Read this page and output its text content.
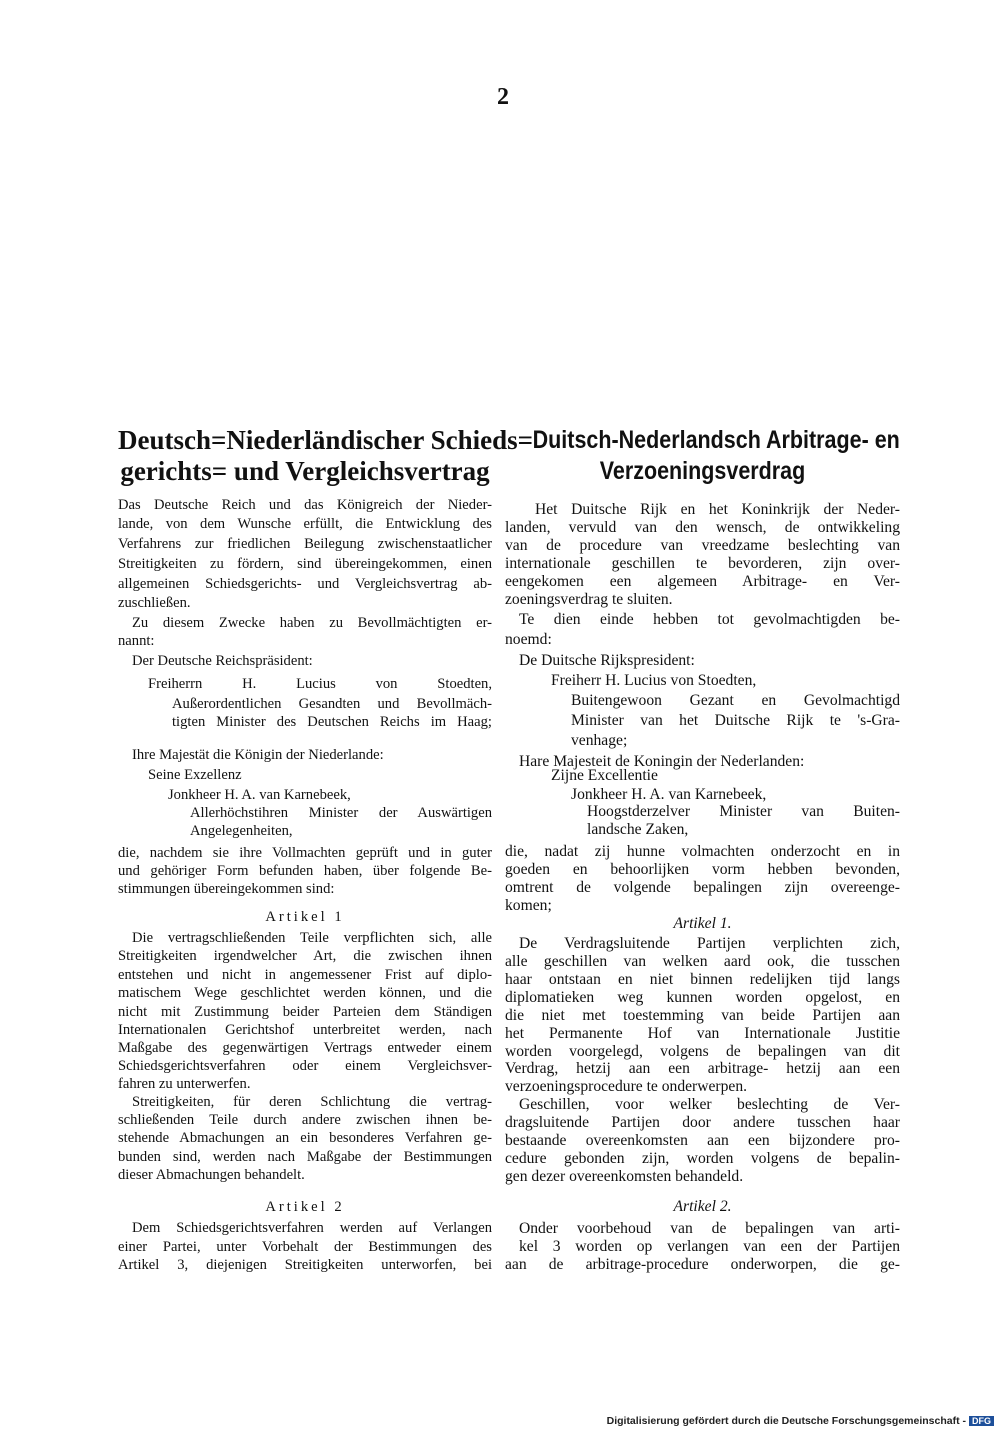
2
Deutsch=Niederländischer Schieds=
gerichts= und Vergleichsvertrag
Das Deutsche Reich und das Königreich der Nieder-
lande, von dem Wunsche erfüllt, die Entwicklung des
Verfahrens zur friedlichen Beilegung zwischenstaatlicher
Streitigkeiten zu fördern, sind übereingekommen, einen
allgemeinen Schiedsgerichts- und Vergleichsvertrag ab-
zuschließen.
Zu diesem Zwecke haben zu Bevollmächtigten er-
nannt:
Der Deutsche Reichspräsident:
Freiherrn H. Lucius von Stoedten,
Außerordentlichen Gesandten und Bevollmäch-
tigten Minister des Deutschen Reichs im Haag;
Ihre Majestät die Königin der Niederlande:
Seine Exzellenz
Jonkheer H. A. van Karnebeek,
Allerhöchstihren Minister der Auswärtigen
Angelegenheiten,
die, nachdem sie ihre Vollmachten geprüft und in guter
und gehöriger Form befunden haben, über folgende Be-
stimmungen übereingekommen sind:
Artikel 1
Die vertragschließenden Teile verpflichten sich, alle
Streitigkeiten irgendwelcher Art, die zwischen ihnen
entstehen und nicht in angemessener Frist auf diplo-
matischem Wege geschlichtet werden können, und die
nicht mit Zustimmung beider Parteien dem Ständigen
Internationalen Gerichtshof unterbreitet werden, nach
Maßgabe des gegenwärtigen Vertrags entweder einem
Schiedsgerichtsverfahren oder einem Vergleichsver-
fahren zu unterwerfen.
Streitigkeiten, für deren Schlichtung die vertrag-
schließenden Teile durch andere zwischen ihnen be-
stehende Abmachungen an ein besonderes Verfahren ge-
bunden sind, werden nach Maßgabe der Bestimmungen
dieser Abmachungen behandelt.
Artikel 2
Dem Schiedsgerichtsverfahren werden auf Verlangen
einer Partei, unter Vorbehalt der Bestimmungen des
Artikel 3, diejenigen Streitigkeiten unterworfen, bei
Duitsch-Nederlandsch Arbitrage- en
Verzoeningsverdrag
Het Duitsche Rijk en het Koninkrijk der Neder-
landen, vervuld van den wensch, de ontwikkeling
van de procedure van vreedzame beslechting van
internationale geschillen te bevorderen, zijn over-
eengekomen een algemeen Arbitrage- en Ver-
zoeningsverdrag te sluiten.
Te dien einde hebben tot gevolmachtigden be-
noemd:
De Duitsche Rijkspresident:
Freiherr H. Lucius von Stoedten,
Buitengewoon Gezant en Gevolmachtigd
Minister van het Duitsche Rijk te 's-Gra-
venhage;
Hare Majesteit de Koningin der Nederlanden:
Zijne Excellentie
Jonkheer H. A. van Karnebeek,
Hoogstderzelver Minister van Buiten-
landsche Zaken,
die, nadat zij hunne volmachten onderzocht en in
goeden en behoorlijken vorm hebben bevonden,
omtrent de volgende bepalingen zijn overeenge-
komen;
Artikel 1.
De Verdragsluitende Partijen verplichten zich,
alle geschillen van welken aard ook, die tusschen
haar ontstaan en niet binnen redelijken tijd langs
diplomatieken weg kunnen worden opgelost, en
die niet met toestemming van beide Partijen aan
het Permanente Hof van Internationale Justitie
worden voorgelegd, volgens de bepalingen van dit
Verdrag, hetzij aan een arbitrage- hetzij aan een
verzoeningsprocedure te onderwerpen.
Geschillen, voor welker beslechting de Ver-
dragsluitende Partijen door andere tusschen haar
bestaande overeenkomsten aan een bijzondere pro-
cedure gebonden zijn, worden volgens de bepalin-
gen dezer overeenkomsten behandeld.
Artikel 2.
Onder voorbehoud van de bepalingen van arti-
kel 3 worden op verlangen van een der Partijen
aan de arbitrage-procedure onderworpen, die ge-
Digitalisierung gefördert durch die Deutsche Forschungsgemeinschaft - DFG
